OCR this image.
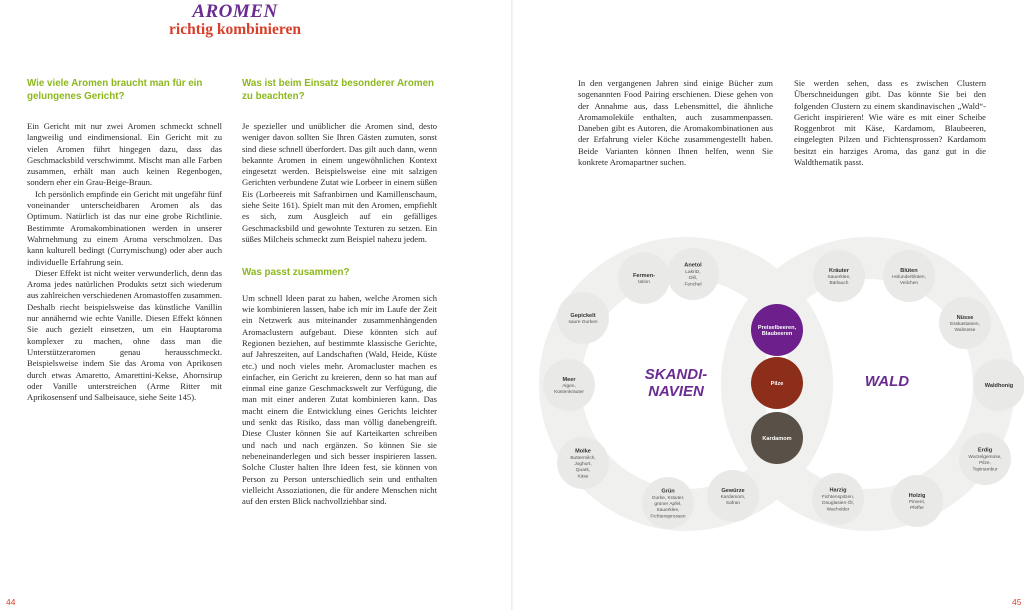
AROMEN
richtig kombinieren
Wie viele Aromen braucht man für ein gelungenes Gericht?

Ein Gericht mit nur zwei Aromen schmeckt schnell langweilig und eindimensional. Ein Gericht mit zu vielen Aromen führt hingegen dazu, dass das Geschmacksbild verschwimmt. Mischt man alle Farben zusammen, erhält man auch keinen Regenbogen, sondern eher ein Grau-Beige-Braun.

Ich persönlich empfinde ein Gericht mit ungefähr fünf voneinander unterscheidbaren Aromen als das Optimum. Natürlich ist das nur eine grobe Richtlinie. Bestimmte Aromakombinationen werden in unserer Wahrnehmung zu einem Aroma verschmolzen. Das kann kulturell bedingt (Currymischung) oder aber auch individuelle Erfahrung sein.

Dieser Effekt ist nicht weiter verwunderlich, denn das Aroma jedes natürlichen Produkts setzt sich wiederum aus zahlreichen verschiedenen Aromastoffen zusammen. Deshalb riecht beispielsweise das künstliche Vanillin nur annähernd wie echte Vanille. Diesen Effekt können Sie auch gezielt einsetzen, um ein Hauptaroma komplexer zu machen, ohne dass man die Unterstützeraromen genau herausschmeckt. Beispielsweise indem Sie das Aroma von Aprikosen durch etwas Amaretto, Amarettini-Kekse, Ahornsirup oder Vanille unterstreichen (Arme Ritter mit Aprikosensenf und Salbeisauce, siehe Seite 145).

Was ist beim Einsatz besonderer Aromen zu beachten?

Je spezieller und unüblicher die Aromen sind, desto weniger davon sollten Sie Ihren Gästen zumuten, sonst sind diese schnell überfordert. Das gilt auch dann, wenn bekannte Aromen in einem ungewöhnlichen Kontext eingesetzt werden. Beispielsweise eine mit salzigen Gerichten verbundene Zutat wie Lorbeer in einem süßen Eis (Lorbeereis mit Safranbirnen und Kamillenschaum, siehe Seite 161). Spielt man mit den Aromen, empfiehlt es sich, zum Ausgleich auf ein gefälliges Geschmacksbild und gewohnte Texturen zu setzen. Ein süßes Milcheis schmeckt zum Beispiel nahezu jedem.

Was passt zusammen?

Um schnell Ideen parat zu haben, welche Aromen sich wie kombinieren lassen, habe ich mir im Laufe der Zeit ein Netzwerk aus miteinander zusammenhängenden Aromaclustern aufgebaut. Diese könnten sich auf Regionen beziehen, auf bestimmte klassische Gerichte, auf Jahreszeiten, auf Landschaften (Wald, Heide, Küste etc.) und noch vieles mehr. Aromacluster machen es einfacher, ein Gericht zu kreieren, denn so hat man auf einmal eine ganze Geschmackswelt zur Verfügung, die man mit einer anderen Zutat kombinieren kann. Das macht einem die Entwicklung eines Gerichts leichter und senkt das Risiko, dass man völlig danebengreift. Diese Cluster können Sie auf Karteikarten schreiben und nach und nach ergänzen. So können Sie sie nebeneinanderlegen und sich besser inspirieren lassen. Solche Cluster halten Ihre Ideen fest, sie können von Person zu Person unterschiedlich sein und enthalten vielleicht Assoziationen, die für andere Menschen nicht auf den ersten Blick nachvollziehbar sind.

44

In den vergangenen Jahren sind einige Bücher zum sogenannten Food Pairing erschienen. Diese gehen von der Annahme aus, dass Lebensmittel, die ähnliche Aromamoleküle enthalten, auch zusammenpassen. Daneben gibt es Autoren, die Aromakombinationen aus der Erfahrung vieler Köche zusammengestellt haben. Beide Varianten können Ihnen helfen, wenn Sie konkrete Aromapartner suchen.

Sie werden sehen, dass es zwischen Clustern Überschneidungen gibt. Das könnte Sie bei den folgenden Clustern zu einem skandinavischen „Wald“-Gericht inspirieren! Wie wäre es mit einer Scheibe Roggenbrot mit Käse, Kardamom, Blaubeeren, eingelegten Pilzen und Fichtensprossen? Kardamom besitzt ein harziges Aroma, das ganz gut in die Waldthematik passt.

45
Anetol
Lakritz,
Dill,
Fenchel
Fermen-
tation
Gepickelt
saure Gurken
Meer
Algen,
Küstenkräuter
Molke
Buttermilch,
Joghurt,
Quark,
Käse
Grün
Gurke, Kräuter,
grüner Apfel,
Sauerklee,
Fichtensprossen
Gewürze
Kardamom,
Safran
Kräuter
Sauerklee,
Bärlauch
Blüten
Holunderblüten,
Veilchen
Nüsse
Esskastanien,
Walnüsse
Waldhonig
Erdig
Wurzelgemüse,
Pilze,
Topinambur
Holzig
Piment,
Pfeffer
Harzig
Fichtenspitzen,
Douglasien-Öl,
Wacholder
Preiselbeeren,
Blaubeeren
Pilze
Kardamom
SKANDI-
NAVIEN
WALD
